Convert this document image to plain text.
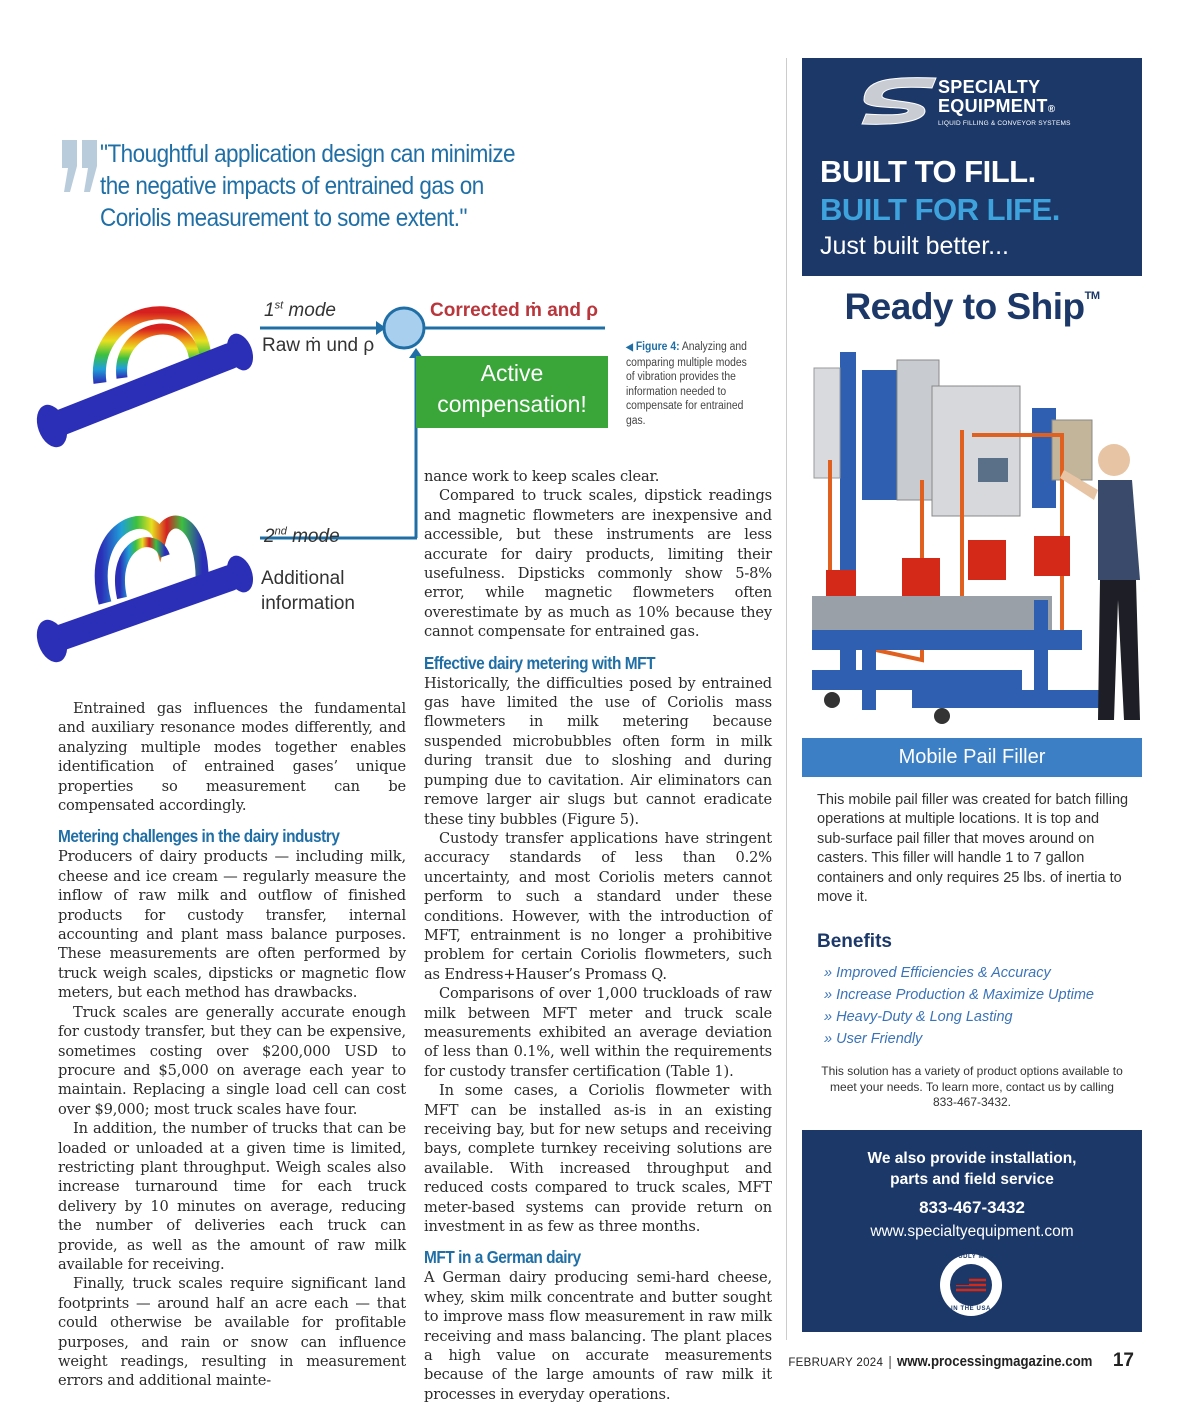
"Thoughtful application design can minimize
the negative impacts of entrained gas on
Coriolis measurement to some extent."
1st mode
Raw ṁ und ρ
Corrected ṁ and ρ
Active
compensation!
2nd mode
Additional
information
◀ Figure 4: Analyzing and comparing multiple modes of vibration provides the information needed to compensate for entrained gas.

Entrained gas influences the fundamental and auxiliary resonance modes differently, and analyzing multiple modes together enables identification of entrained gases’ unique properties so measurement can be compensated accordingly.

Metering challenges in the dairy industry

Producers of dairy products — including milk, cheese and ice cream — regularly measure the inflow of raw milk and outflow of finished products for custody transfer, internal accounting and plant mass balance purposes. These measurements are often performed by truck weigh scales, dipsticks or magnetic flow meters, but each method has drawbacks.

Truck scales are generally accurate enough for custody transfer, but they can be expensive, sometimes costing over $200,000 USD to procure and $5,000 on average each year to maintain. Replacing a single load cell can cost over $9,000; most truck scales have four.

In addition, the number of trucks that can be loaded or unloaded at a given time is limited, restricting plant throughput. Weigh scales also increase turnaround time for each truck delivery by 10 minutes on average, reducing the number of deliveries each truck can provide, as well as the amount of raw milk available for receiving.

Finally, truck scales require significant land footprints — around half an acre each — that could otherwise be available for profitable purposes, and rain or snow can influence weight readings, resulting in measurement errors and additional mainte-

nance work to keep scales clear.

Compared to truck scales, dipstick readings and magnetic flowmeters are inexpensive and accessible, but these instruments are less accurate for dairy products, limiting their usefulness. Dipsticks commonly show 5-8% error, while magnetic flowmeters often overestimate by as much as 10% because they cannot compensate for entrained gas.

Effective dairy metering with MFT

Historically, the difficulties posed by entrained gas have limited the use of Coriolis mass flowmeters in milk metering because suspended microbubbles often form in milk during transit due to sloshing and during pumping due to cavitation. Air eliminators can remove larger air slugs but cannot eradicate these tiny bubbles (Figure 5).

Custody transfer applications have stringent accuracy standards of less than 0.2% uncertainty, and most Coriolis meters cannot perform to such a standard under these conditions. However, with the introduction of MFT, entrainment is no longer a prohibitive problem for certain Coriolis flowmeters, such as Endress+Hauser’s Promass Q.

Comparisons of over 1,000 truckloads of raw milk between MFT meter and truck scale measurements exhibited an average deviation of less than 0.1%, well within the requirements for custody transfer certification (Table 1).

In some cases, a Coriolis flowmeter with MFT can be installed as-is in an existing receiving bay, but for new setups and receiving bays, complete turnkey receiving solutions are available. With increased throughput and reduced costs compared to truck scales, MFT meter-based systems can provide return on investment in as few as three months.

MFT in a German dairy

A German dairy producing semi-hard cheese, whey, skim milk concentrate and butter sought to improve mass flow measurement in raw milk receiving and mass balancing. The plant places a high value on accurate measurements because of the large amounts of raw milk it processes in everyday operations.

SPECIALTY
EQUIPMENT®
LIQUID FILLING & CONVEYOR SYSTEMS
BUILT TO FILL.
BUILT FOR LIFE.
Just built better...
Ready to Ship™
Mobile Pail Filler
This mobile pail filler was created for batch filling operations at multiple locations. It is top and sub-surface pail filler that moves around on casters. This filler will handle 1 to 7 gallon containers and only requires 25 lbs. of inertia to move it.
Benefits
» Improved Efficiencies & Accuracy
» Increase Production & Maximize Uptime
» Heavy-Duty & Long Lasting
» User Friendly
This solution has a variety of product options available to meet your needs. To learn more, contact us by calling 833-467-3432.
We also provide installation,
parts and field service
833-467-3432
www.specialtyequipment.com
PROUDLY MADE
IN THE USA
FEBRUARY 2024 | www.processingmagazine.com 17
